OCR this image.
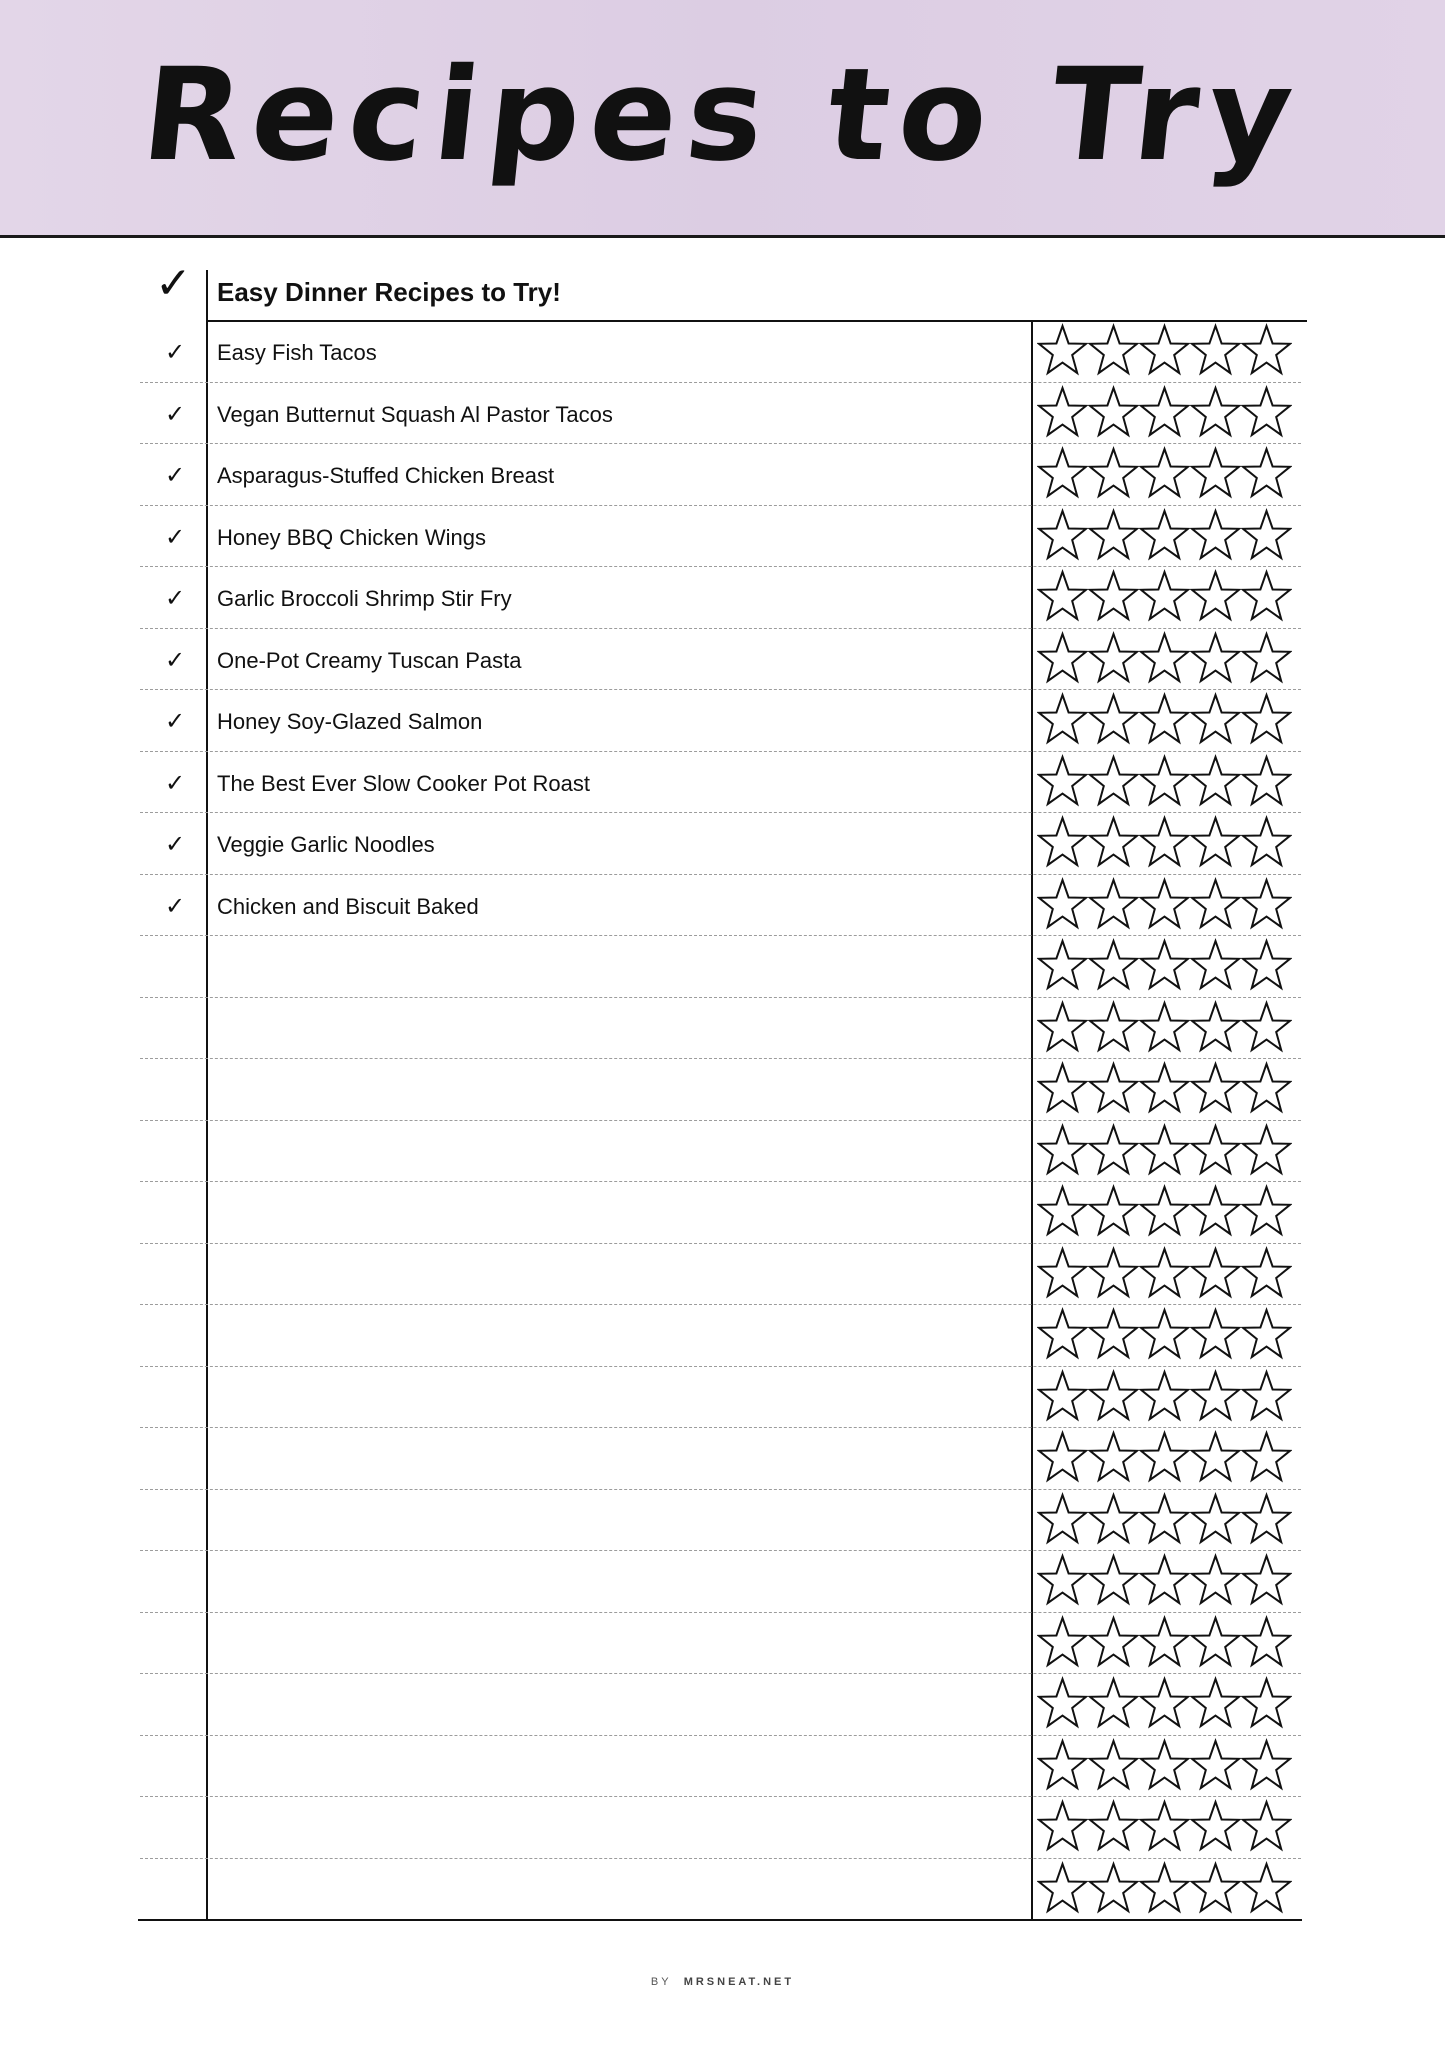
Recipes to Try
✓ Easy Dinner Recipes to Try!
✓ Easy Fish Tacos
✓ Vegan Butternut Squash Al Pastor Tacos
✓ Asparagus-Stuffed Chicken Breast
✓ Honey BBQ Chicken Wings
✓ Garlic Broccoli Shrimp Stir Fry
✓ One-Pot Creamy Tuscan Pasta
✓ Honey Soy-Glazed Salmon
✓ The Best Ever Slow Cooker Pot Roast
✓ Veggie Garlic Noodles
✓ Chicken and Biscuit Baked
BY MRSNEAT.NET
